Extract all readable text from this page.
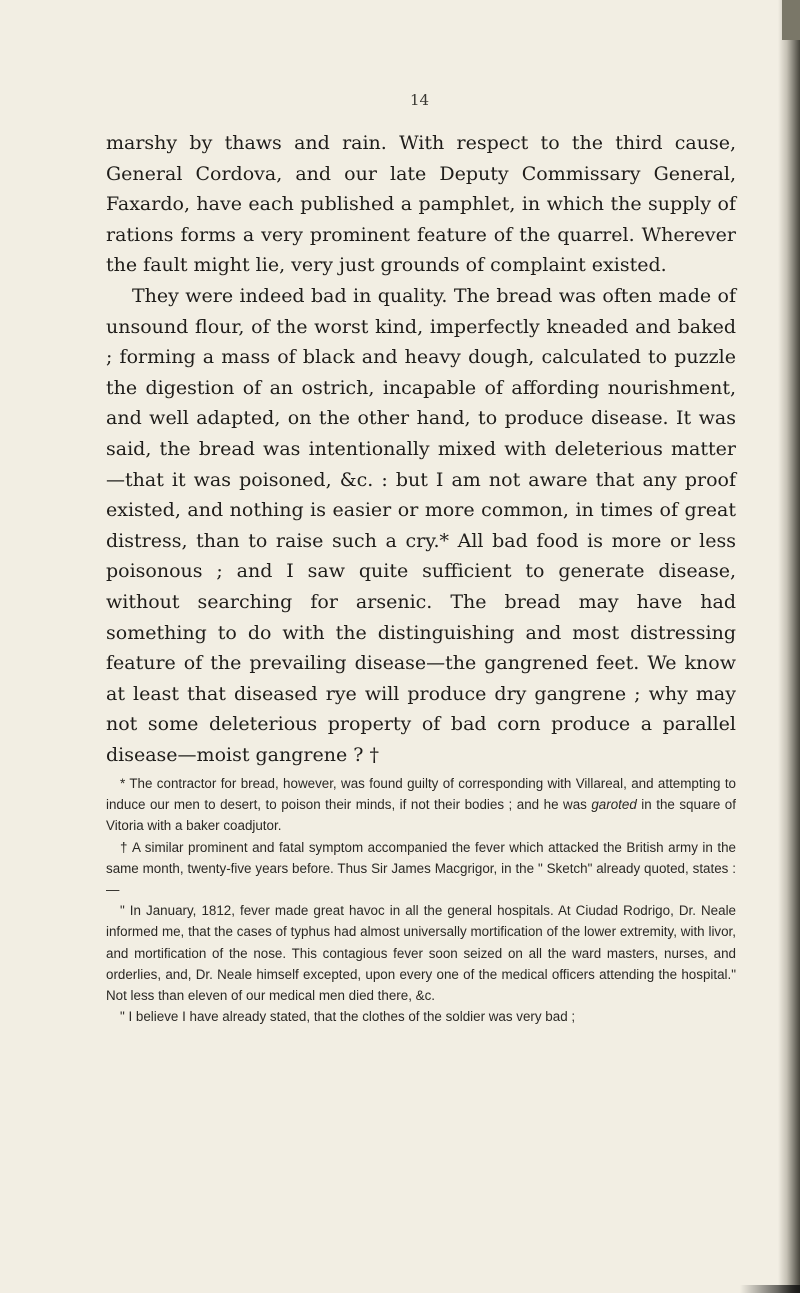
14

marshy by thaws and rain. With respect to the third cause, General Cordova, and our late Deputy Commissary General, Faxardo, have each published a pamphlet, in which the supply of rations forms a very prominent feature of the quarrel. Wherever the fault might lie, very just grounds of complaint existed.

They were indeed bad in quality. The bread was often made of unsound flour, of the worst kind, imperfectly kneaded and baked ; forming a mass of black and heavy dough, calculated to puzzle the digestion of an ostrich, incapable of affording nourishment, and well adapted, on the other hand, to produce disease. It was said, the bread was intentionally mixed with deleterious matter—that it was poisoned, &c. : but I am not aware that any proof existed, and nothing is easier or more common, in times of great distress, than to raise such a cry.* All bad food is more or less poisonous ; and I saw quite sufficient to generate disease, without searching for arsenic. The bread may have had something to do with the distinguishing and most distressing feature of the prevailing disease—the gangrened feet. We know at least that diseased rye will produce dry gangrene ; why may not some deleterious property of bad corn produce a parallel disease—moist gangrene ? †

* The contractor for bread, however, was found guilty of corresponding with Villareal, and attempting to induce our men to desert, to poison their minds, if not their bodies ; and he was garoted in the square of Vitoria with a baker coadjutor.

† A similar prominent and fatal symptom accompanied the fever which attacked the British army in the same month, twenty-five years before. Thus Sir James Macgrigor, in the " Sketch" already quoted, states :—

" In January, 1812, fever made great havoc in all the general hospitals. At Ciudad Rodrigo, Dr. Neale informed me, that the cases of typhus had almost universally mortification of the lower extremity, with livor, and mortification of the nose. This contagious fever soon seized on all the ward masters, nurses, and orderlies, and, Dr. Neale himself excepted, upon every one of the medical officers attending the hospital." Not less than eleven of our medical men died there, &c.

" I believe I have already stated, that the clothes of the soldier was very bad ;
